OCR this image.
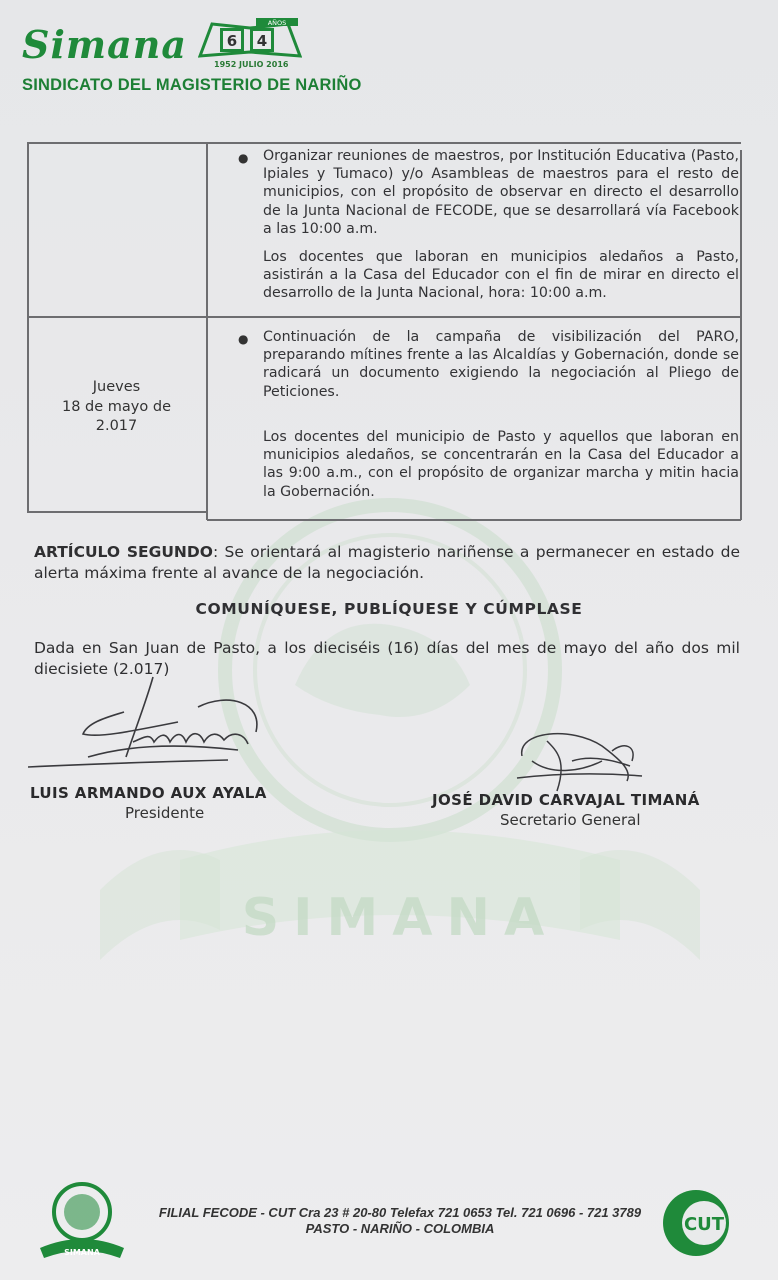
SIMANA
Simana	6 4
AÑOS
1952 JULIO 2016
SINDICATO DEL MAGISTERIO DE NARIÑO
● Organizar reuniones de maestros, por Institución Educativa (Pasto, Ipiales y Tumaco) y/o Asambleas de maestros para el resto de municipios, con el propósito de observar en directo el desarrollo de la Junta Nacional de FECODE, que se desarrollará vía Facebook a las 10:00 a.m.
Los docentes que laboran en municipios aledaños a Pasto, asistirán a la Casa del Educador con el fin de mirar en directo el desarrollo de la Junta Nacional, hora: 10:00 a.m.
Jueves
18 de mayo de
2.017
● Continuación de la campaña de visibilización del PARO, preparando mítines frente a las Alcaldías y Gobernación, donde se radicará un documento exigiendo la negociación al Pliego de Peticiones.
Los docentes del municipio de Pasto y aquellos que laboran en municipios aledaños, se concentrarán en la Casa del Educador a las 9:00 a.m., con el propósito de organizar marcha y mitin hacia la Gobernación.
ARTÍCULO SEGUNDO: Se orientará al magisterio nariñense a permanecer en estado de alerta máxima frente al avance de la negociación.
COMUNÍQUESE, PUBLÍQUESE Y CÚMPLASE
Dada en San Juan de Pasto, a los dieciséis (16) días del mes de mayo del año dos mil diecisiete (2.017)
LUIS ARMANDO AUX AYALA
Presidente
JOSÉ DAVID CARVAJAL TIMANÁ
Secretario General
SIMANA
FILIAL FECODE - CUT Cra 23 # 20-80 Telefax 721 0653 Tel. 721 0696 - 721 3789
PASTO - NARIÑO - COLOMBIA	CUT
